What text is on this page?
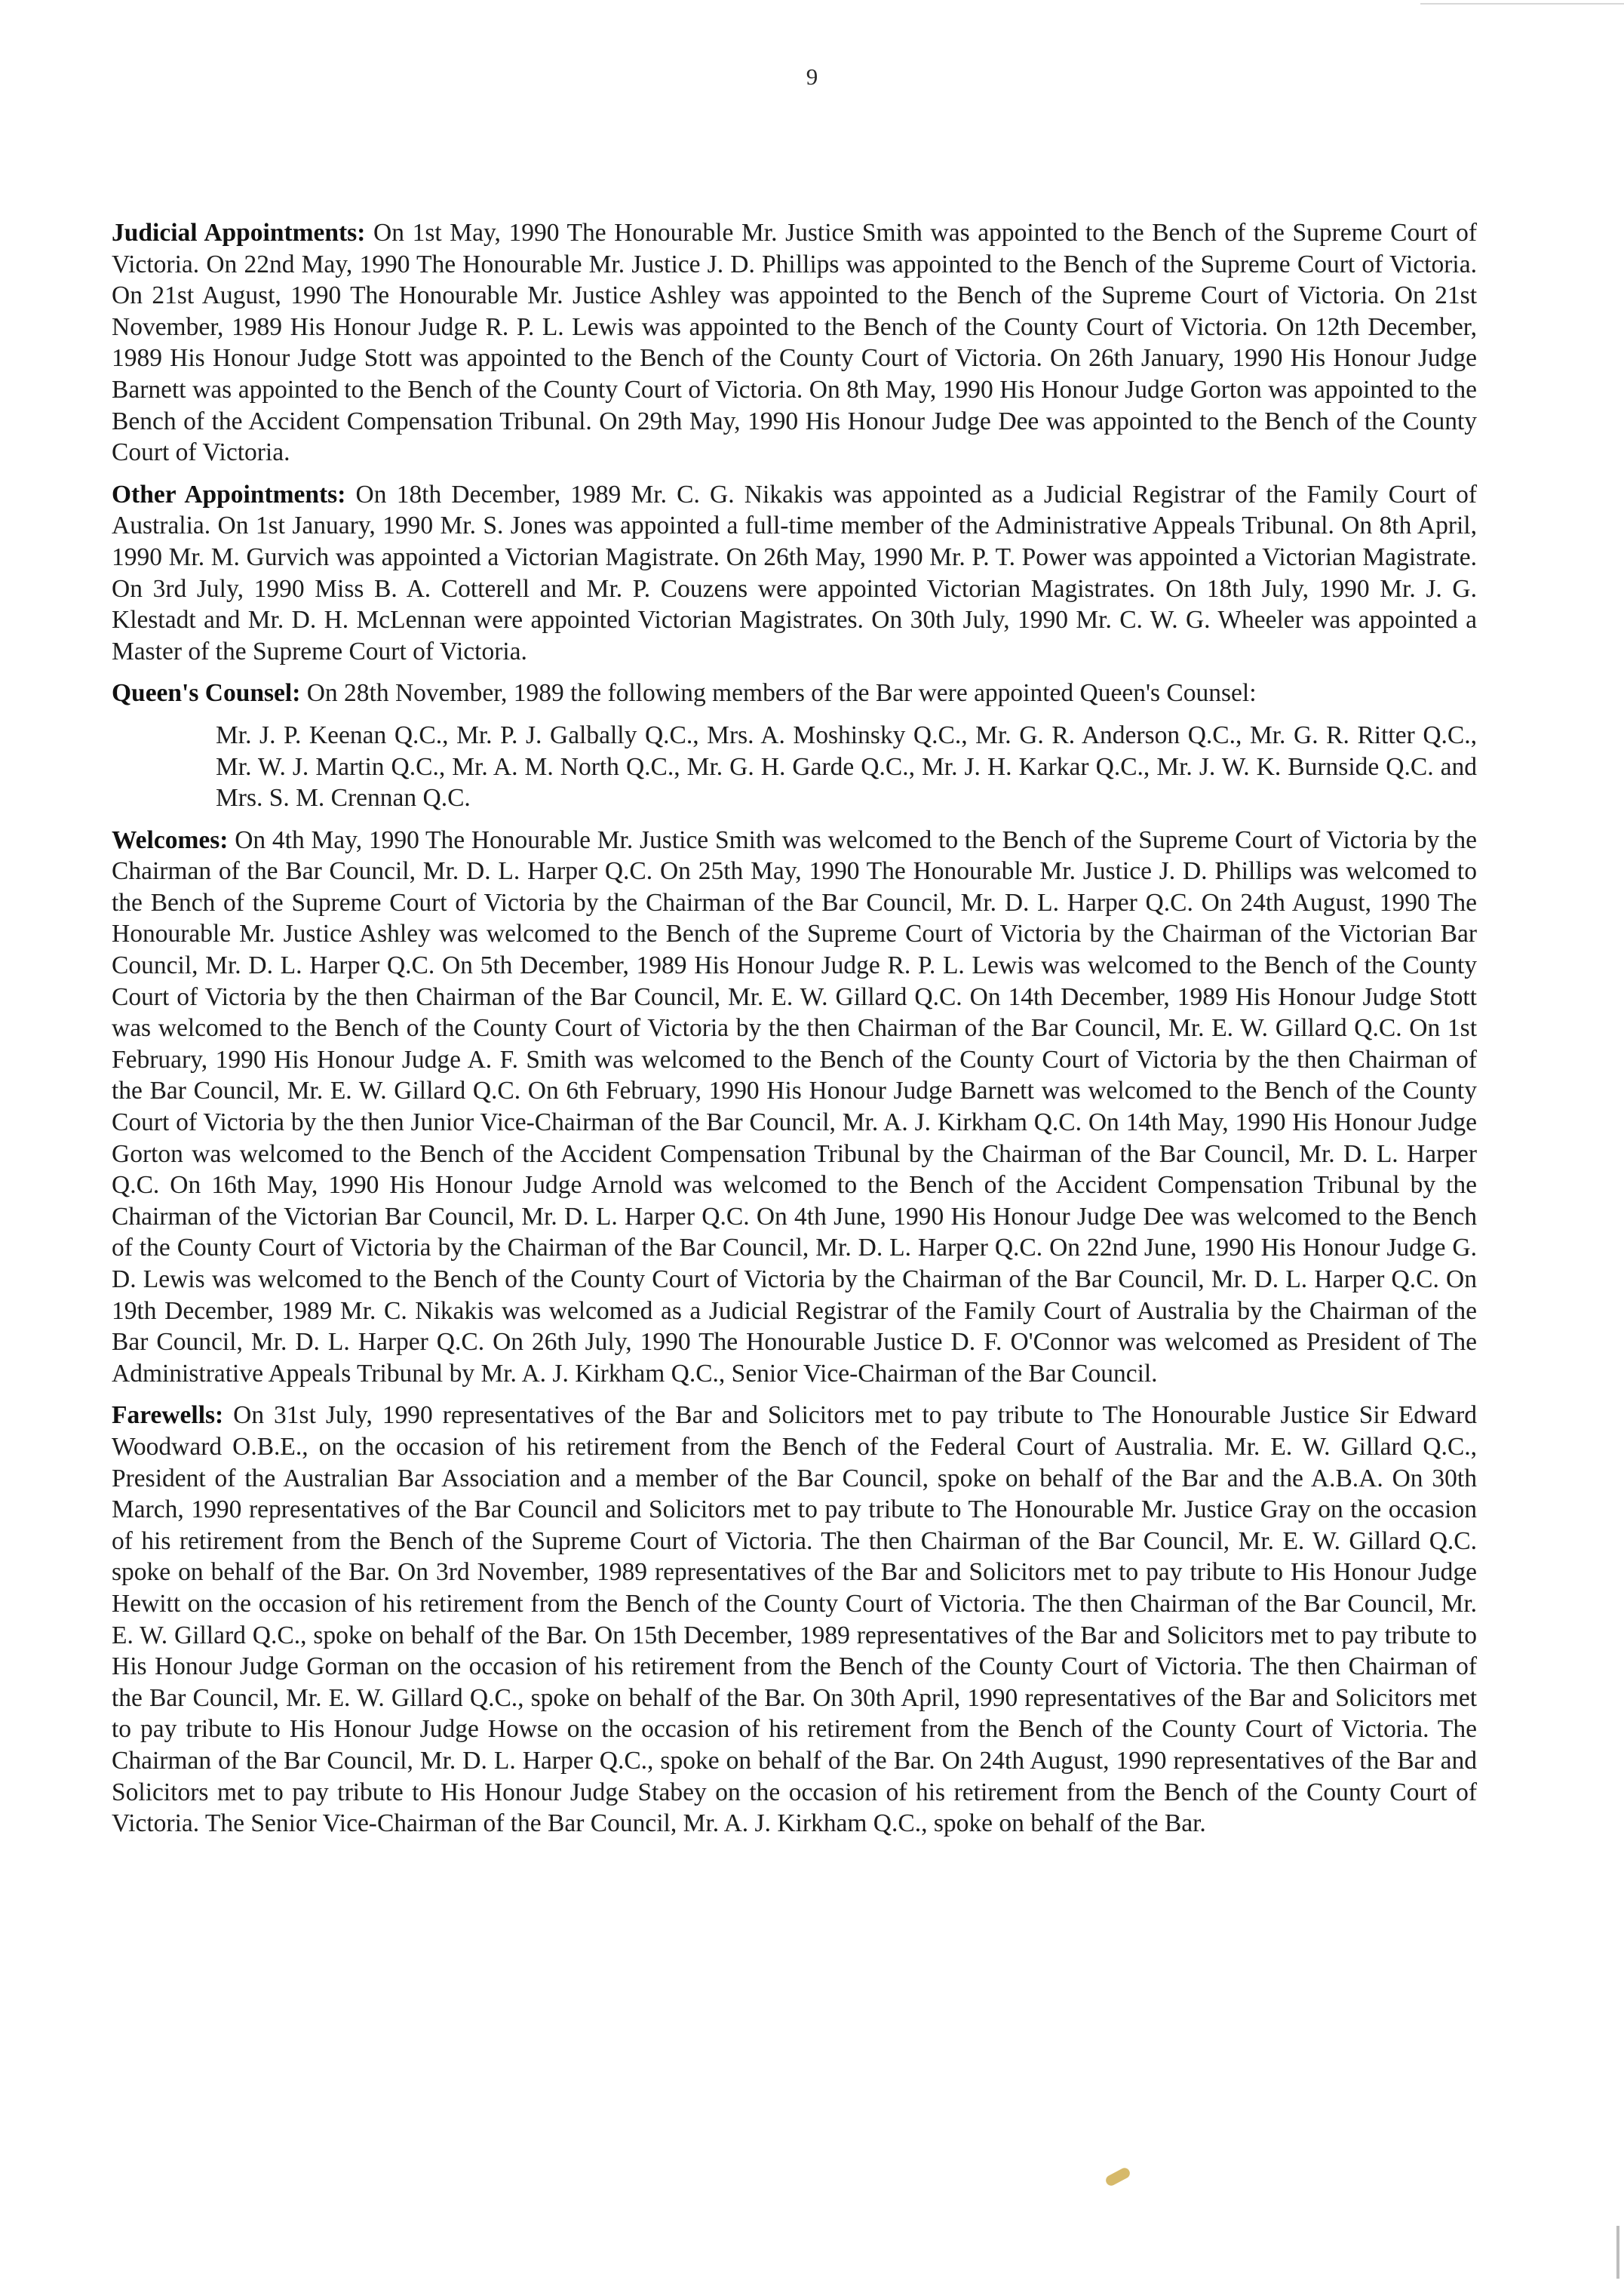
9

Judicial Appointments: On 1st May, 1990 The Honourable Mr. Justice Smith was appointed to the Bench of the Supreme Court of Victoria. On 22nd May, 1990 The Honourable Mr. Justice J. D. Phillips was appointed to the Bench of the Supreme Court of Victoria. On 21st August, 1990 The Honourable Mr. Justice Ashley was appointed to the Bench of the Supreme Court of Victoria. On 21st November, 1989 His Honour Judge R. P. L. Lewis was appointed to the Bench of the County Court of Victoria. On 12th December, 1989 His Honour Judge Stott was appointed to the Bench of the County Court of Victoria. On 26th January, 1990 His Honour Judge Barnett was appointed to the Bench of the County Court of Victoria. On 8th May, 1990 His Honour Judge Gorton was appointed to the Bench of the Accident Compensation Tribunal. On 29th May, 1990 His Honour Judge Dee was appointed to the Bench of the County Court of Victoria.

Other Appointments: On 18th December, 1989 Mr. C. G. Nikakis was appointed as a Judicial Registrar of the Family Court of Australia. On 1st January, 1990 Mr. S. Jones was appointed a full-time member of the Administrative Appeals Tribunal. On 8th April, 1990 Mr. M. Gurvich was appointed a Victorian Magistrate. On 26th May, 1990 Mr. P. T. Power was appointed a Victorian Magistrate. On 3rd July, 1990 Miss B. A. Cotterell and Mr. P. Couzens were appointed Victorian Magistrates. On 18th July, 1990 Mr. J. G. Klestadt and Mr. D. H. McLennan were appointed Victorian Magistrates. On 30th July, 1990 Mr. C. W. G. Wheeler was appointed a Master of the Supreme Court of Victoria.

Queen's Counsel: On 28th November, 1989 the following members of the Bar were appointed Queen's Counsel:

Mr. J. P. Keenan Q.C., Mr. P. J. Galbally Q.C., Mrs. A. Moshinsky Q.C., Mr. G. R. Anderson Q.C., Mr. G. R. Ritter Q.C., Mr. W. J. Martin Q.C., Mr. A. M. North Q.C., Mr. G. H. Garde Q.C., Mr. J. H. Karkar Q.C., Mr. J. W. K. Burnside Q.C. and Mrs. S. M. Crennan Q.C.

Welcomes: On 4th May, 1990 The Honourable Mr. Justice Smith was welcomed to the Bench of the Supreme Court of Victoria by the Chairman of the Bar Council, Mr. D. L. Harper Q.C. On 25th May, 1990 The Honourable Mr. Justice J. D. Phillips was welcomed to the Bench of the Supreme Court of Victoria by the Chairman of the Bar Council, Mr. D. L. Harper Q.C. On 24th August, 1990 The Honourable Mr. Justice Ashley was welcomed to the Bench of the Supreme Court of Victoria by the Chairman of the Victorian Bar Council, Mr. D. L. Harper Q.C. On 5th December, 1989 His Honour Judge R. P. L. Lewis was welcomed to the Bench of the County Court of Victoria by the then Chairman of the Bar Council, Mr. E. W. Gillard Q.C. On 14th December, 1989 His Honour Judge Stott was welcomed to the Bench of the County Court of Victoria by the then Chairman of the Bar Council, Mr. E. W. Gillard Q.C. On 1st February, 1990 His Honour Judge A. F. Smith was welcomed to the Bench of the County Court of Victoria by the then Chairman of the Bar Council, Mr. E. W. Gillard Q.C. On 6th February, 1990 His Honour Judge Barnett was welcomed to the Bench of the County Court of Victoria by the then Junior Vice-Chairman of the Bar Council, Mr. A. J. Kirkham Q.C. On 14th May, 1990 His Honour Judge Gorton was welcomed to the Bench of the Accident Compensation Tribunal by the Chairman of the Bar Council, Mr. D. L. Harper Q.C. On 16th May, 1990 His Honour Judge Arnold was welcomed to the Bench of the Accident Compensation Tribunal by the Chairman of the Victorian Bar Council, Mr. D. L. Harper Q.C. On 4th June, 1990 His Honour Judge Dee was welcomed to the Bench of the County Court of Victoria by the Chairman of the Bar Council, Mr. D. L. Harper Q.C. On 22nd June, 1990 His Honour Judge G. D. Lewis was welcomed to the Bench of the County Court of Victoria by the Chairman of the Bar Council, Mr. D. L. Harper Q.C. On 19th December, 1989 Mr. C. Nikakis was welcomed as a Judicial Registrar of the Family Court of Australia by the Chairman of the Bar Council, Mr. D. L. Harper Q.C. On 26th July, 1990 The Honourable Justice D. F. O'Connor was welcomed as President of The Administrative Appeals Tribunal by Mr. A. J. Kirkham Q.C., Senior Vice-Chairman of the Bar Council.

Farewells: On 31st July, 1990 representatives of the Bar and Solicitors met to pay tribute to The Honourable Justice Sir Edward Woodward O.B.E., on the occasion of his retirement from the Bench of the Federal Court of Australia. Mr. E. W. Gillard Q.C., President of the Australian Bar Association and a member of the Bar Council, spoke on behalf of the Bar and the A.B.A. On 30th March, 1990 representatives of the Bar Council and Solicitors met to pay tribute to The Honourable Mr. Justice Gray on the occasion of his retirement from the Bench of the Supreme Court of Victoria. The then Chairman of the Bar Council, Mr. E. W. Gillard Q.C. spoke on behalf of the Bar. On 3rd November, 1989 representatives of the Bar and Solicitors met to pay tribute to His Honour Judge Hewitt on the occasion of his retirement from the Bench of the County Court of Victoria. The then Chairman of the Bar Council, Mr. E. W. Gillard Q.C., spoke on behalf of the Bar. On 15th December, 1989 representatives of the Bar and Solicitors met to pay tribute to His Honour Judge Gorman on the occasion of his retirement from the Bench of the County Court of Victoria. The then Chairman of the Bar Council, Mr. E. W. Gillard Q.C., spoke on behalf of the Bar. On 30th April, 1990 representatives of the Bar and Solicitors met to pay tribute to His Honour Judge Howse on the occasion of his retirement from the Bench of the County Court of Victoria. The Chairman of the Bar Council, Mr. D. L. Harper Q.C., spoke on behalf of the Bar. On 24th August, 1990 representatives of the Bar and Solicitors met to pay tribute to His Honour Judge Stabey on the occasion of his retirement from the Bench of the County Court of Victoria. The Senior Vice-Chairman of the Bar Council, Mr. A. J. Kirkham Q.C., spoke on behalf of the Bar.
